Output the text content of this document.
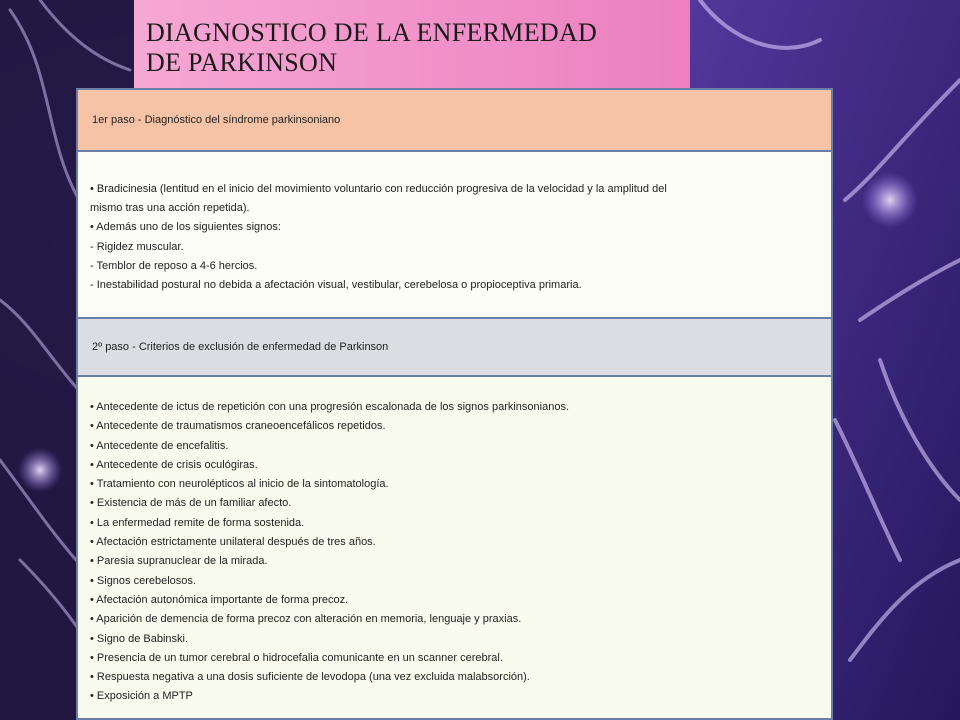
DIAGNOSTICO DE LA ENFERMEDAD
DE PARKINSON
1er paso - Diagnóstico del síndrome parkinsoniano
• Bradicinesia (lentitud en el inicio del movimiento voluntario con reducción progresiva de la velocidad y la amplitud del
mismo tras una acción repetida).
• Además uno de los siguientes signos:
- Rigidez muscular.
- Temblor de reposo a 4-6 hercios.
- Inestabilidad postural no debida a afectación visual, vestibular, cerebelosa o propioceptiva primaria.
2º paso - Criterios de exclusión de enfermedad de Parkinson
• Antecedente de ictus de repetición con una progresión escalonada de los signos parkinsonianos.
• Antecedente de traumatismos craneoencefálicos repetidos.
• Antecedente de encefalitis.
• Antecedente de crisis oculógiras.
• Tratamiento con neurolépticos al inicio de la sintomatología.
• Existencia de más de un familiar afecto.
• La enfermedad remite de forma sostenida.
• Afectación estrictamente unilateral después de tres años.
• Paresia supranuclear de la mirada.
• Signos cerebelosos.
• Afectación autonómica importante de forma precoz.
• Aparición de demencia de forma precoz con alteración en memoria, lenguaje y praxias.
• Signo de Babinski.
• Presencia de un tumor cerebral o hidrocefalia comunicante en un scanner cerebral.
• Respuesta negativa a una dosis suficiente de levodopa (una vez excluida malabsorción).
• Exposición a MPTP
